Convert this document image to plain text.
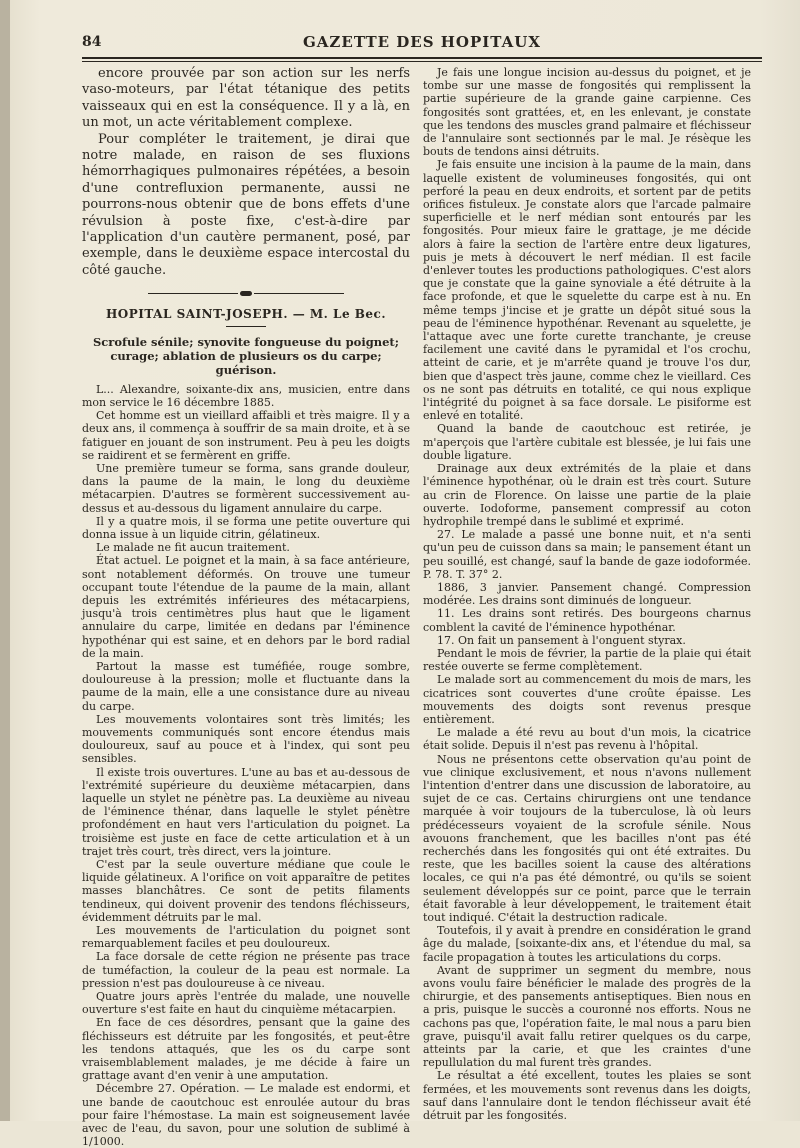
84	GAZETTE DES HOPITAUX

encore prouvée par son action sur les nerfs vaso-moteurs, par l'état tétanique des petits vaisseaux qui en est la conséquence. Il y a là, en un mot, un acte véritablement complexe.

Pour compléter le traitement, je dirai que notre malade, en raison de ses fluxions hémorrhagiques pulmonaires répétées, a besoin d'une contrefluxion permanente, aussi ne pourrons-nous obtenir que de bons effets d'une révulsion à poste fixe, c'est-à-dire par l'application d'un cautère permanent, posé, par exemple, dans le deuxième espace intercostal du côté gauche.

HOPITAL SAINT-JOSEPH. — M. Le Bec.
Scrofule sénile; synovite fongueuse du poignet; curage; ablation de plusieurs os du carpe; guérison.

L... Alexandre, soixante-dix ans, musicien, entre dans mon service le 16 décembre 1885.

Cet homme est un vieillard affaibli et très maigre. Il y a deux ans, il commença à souffrir de sa main droite, et à se fatiguer en jouant de son instrument. Peu à peu les doigts se raidirent et se fermèrent en griffe.

Une première tumeur se forma, sans grande douleur, dans la paume de la main, le long du deuxième métacarpien. D'autres se formèrent successivement au-dessus et au-dessous du ligament annulaire du carpe.

Il y a quatre mois, il se forma une petite ouverture qui donna issue à un liquide citrin, gélatineux.

Le malade ne fit aucun traitement.

État actuel. Le poignet et la main, à sa face antérieure, sont notablement déformés. On trouve une tumeur occupant toute l'étendue de la paume de la main, allant depuis les extrémités inférieures des métacarpiens, jusqu'à trois centimètres plus haut que le ligament annulaire du carpe, limitée en dedans par l'éminence hypothénar qui est saine, et en dehors par le bord radial de la main.

Partout la masse est tuméfiée, rouge sombre, douloureuse à la pression; molle et fluctuante dans la paume de la main, elle a une consistance dure au niveau du carpe.

Les mouvements volontaires sont très limités; les mouvements communiqués sont encore étendus mais douloureux, sauf au pouce et à l'index, qui sont peu sensibles.

Il existe trois ouvertures. L'une au bas et au-dessous de l'extrémité supérieure du deuxième métacarpien, dans laquelle un stylet ne pénètre pas. La deuxième au niveau de l'éminence thénar, dans laquelle le stylet pénètre profondément en haut vers l'articulation du poignet. La troisième est juste en face de cette articulation et à un trajet très court, très direct, vers la jointure.

C'est par la seule ouverture médiane que coule le liquide gélatineux. A l'orifice on voit apparaître de petites masses blanchâtres. Ce sont de petits filaments tendineux, qui doivent provenir des tendons fléchisseurs, évidemment détruits par le mal.

Les mouvements de l'articulation du poignet sont remarquablement faciles et peu douloureux.

La face dorsale de cette région ne présente pas trace de tuméfaction, la couleur de la peau est normale. La pression n'est pas douloureuse à ce niveau.

Quatre jours après l'entrée du malade, une nouvelle ouverture s'est faite en haut du cinquième métacarpien.

En face de ces désordres, pensant que la gaine des fléchisseurs est détruite par les fongosités, et peut-être les tendons attaqués, que les os du carpe sont vraisemblablement malades, je me décide à faire un grattage avant d'en venir à une amputation.

Décembre 27. Opération. — Le malade est endormi, et une bande de caoutchouc est enroulée autour du bras pour faire l'hémostase. La main est soigneusement lavée avec de l'eau, du savon, pour une solution de sublimé à 1/1000.

Je fais une longue incision au-dessus du poignet, et je tombe sur une masse de fongosités qui remplissent la partie supérieure de la grande gaine carpienne. Ces fongosités sont grattées, et, en les enlevant, je constate que les tendons des muscles grand palmaire et fléchisseur de l'annulaire sont sectionnés par le mal. Je résèque les bouts de tendons ainsi détruits.

Je fais ensuite une incision à la paume de la main, dans laquelle existent de volumineuses fongosités, qui ont perforé la peau en deux endroits, et sortent par de petits orifices fistuleux. Je constate alors que l'arcade palmaire superficielle et le nerf médian sont entourés par les fongosités. Pour mieux faire le grattage, je me décide alors à faire la section de l'artère entre deux ligatures, puis je mets à découvert le nerf médian. Il est facile d'enlever toutes les productions pathologiques. C'est alors que je constate que la gaine synoviale a été détruite à la face profonde, et que le squelette du carpe est à nu. En même temps j'incise et je gratte un dépôt situé sous la peau de l'éminence hypothénar. Revenant au squelette, je l'attaque avec une forte curette tranchante, je creuse facilement une cavité dans le pyramidal et l'os crochu, atteint de carie, et je m'arrête quand je trouve l'os dur, bien que d'aspect très jaune, comme chez le vieillard. Ces os ne sont pas détruits en totalité, ce qui nous explique l'intégrité du poignet à sa face dorsale. Le pisiforme est enlevé en totalité.

Quand la bande de caoutchouc est retirée, je m'aperçois que l'artère cubitale est blessée, je lui fais une double ligature.

Drainage aux deux extrémités de la plaie et dans l'éminence hypothénar, où le drain est très court. Suture au crin de Florence. On laisse une partie de la plaie ouverte. Iodoforme, pansement compressif au coton hydrophile trempé dans le sublimé et exprimé.

27. Le malade a passé une bonne nuit, et n'a senti qu'un peu de cuisson dans sa main; le pansement étant un peu souillé, est changé, sauf la bande de gaze iodoformée. P. 78. T. 37° 2.

1886, 3 janvier. Pansement changé. Compression modérée. Les drains sont diminués de longueur.

11. Les drains sont retirés. Des bourgeons charnus comblent la cavité de l'éminence hypothénar.

17. On fait un pansement à l'onguent styrax.

Pendant le mois de février, la partie de la plaie qui était restée ouverte se ferme complètement.

Le malade sort au commencement du mois de mars, les cicatrices sont couvertes d'une croûte épaisse. Les mouvements des doigts sont revenus presque entièrement.

Le malade a été revu au bout d'un mois, la cicatrice était solide. Depuis il n'est pas revenu à l'hôpital.

Nous ne présentons cette observation qu'au point de vue clinique exclusivement, et nous n'avons nullement l'intention d'entrer dans une discussion de laboratoire, au sujet de ce cas. Certains chirurgiens ont une tendance marquée à voir toujours de la tuberculose, là où leurs prédécesseurs voyaient de la scrofule sénile. Nous avouons franchement, que les bacilles n'ont pas été recherchés dans les fongosités qui ont été extraites. Du reste, que les bacilles soient la cause des altérations locales, ce qui n'a pas été démontré, ou qu'ils se soient seulement développés sur ce point, parce que le terrain était favorable à leur développement, le traitement était tout indiqué. C'était la destruction radicale.

Toutefois, il y avait à prendre en considération le grand âge du malade, [soixante-dix ans, et l'étendue du mal, sa facile propagation à toutes les articulations du corps.

Avant de supprimer un segment du membre, nous avons voulu faire bénéficier le malade des progrès de la chirurgie, et des pansements antiseptiques. Bien nous en a pris, puisque le succès a couronné nos efforts. Nous ne cachons pas que, l'opération faite, le mal nous a paru bien grave, puisqu'il avait fallu retirer quelques os du carpe, atteints par la carie, et que les craintes d'une repullulation du mal furent très grandes.

Le résultat a été excellent, toutes les plaies se sont fermées, et les mouvements sont revenus dans les doigts, sauf dans l'annulaire dont le tendon fléchisseur avait été détruit par les fongosités.
